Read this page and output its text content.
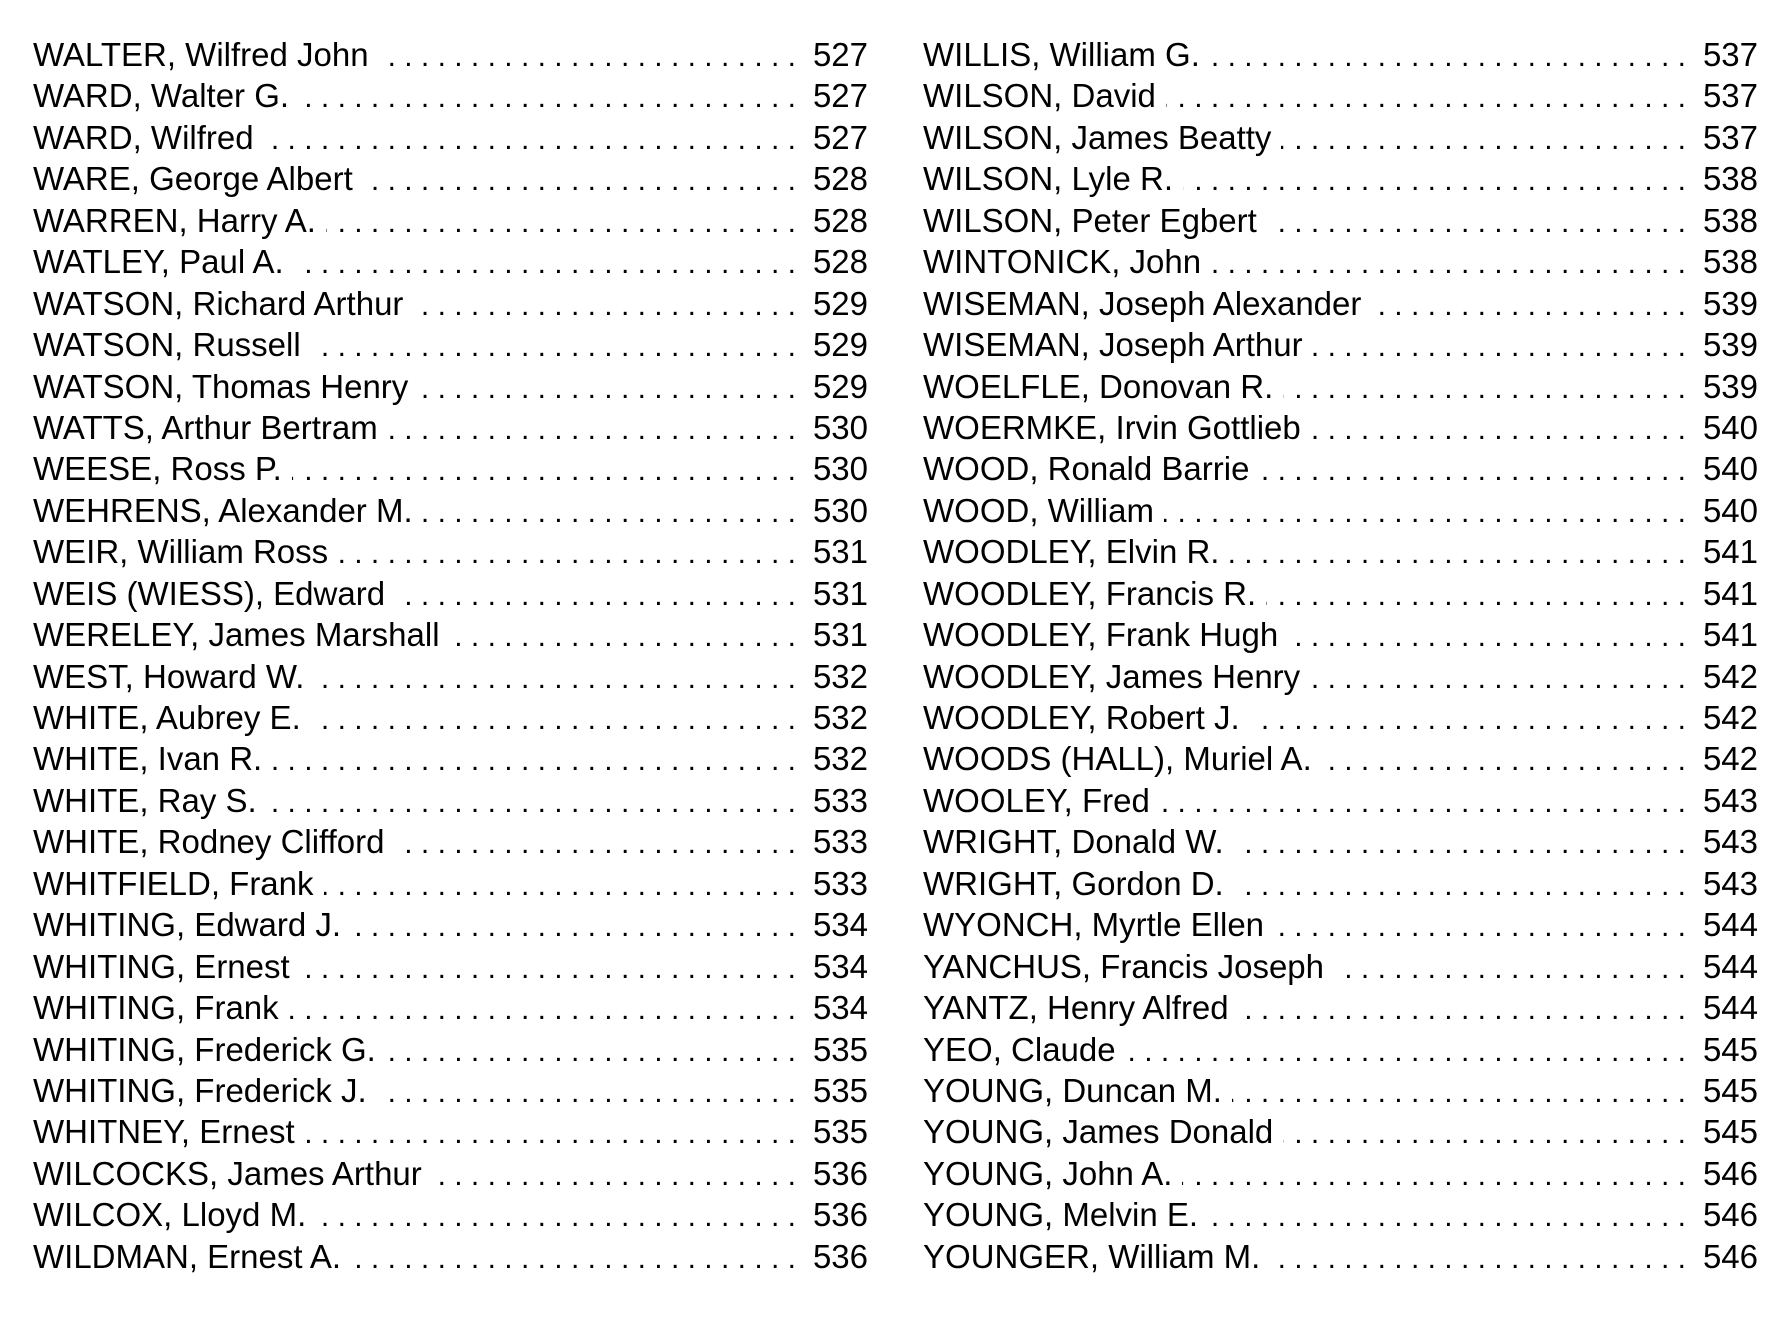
WALTER, Wilfred John . . .	527
WARD, Walter G. . . .	527
WARD, Wilfred . . .	527
WARE, George Albert . . .	528
WARREN, Harry A. . . .	528
WATLEY, Paul A. . . .	528
WATSON, Richard Arthur . . .	529
WATSON, Russell . . .	529
WATSON, Thomas Henry . . .	529
WATTS, Arthur Bertram . . .	530
WEESE, Ross P. . . .	530
WEHRENS, Alexander M. . . .	530
WEIR, William Ross . . .	531
WEIS (WIESS), Edward . . .	531
WERELEY, James Marshall . . .	531
WEST, Howard W. . . .	532
WHITE, Aubrey E. . . .	532
WHITE, Ivan R. . . .	532
WHITE, Ray S. . . .	533
WHITE, Rodney Clifford . . .	533
WHITFIELD, Frank . . .	533
WHITING, Edward J. . . .	534
WHITING, Ernest . . .	534
WHITING, Frank . . .	534
WHITING, Frederick G. . . .	535
WHITING, Frederick J. . . .	535
WHITNEY, Ernest . . .	535
WILCOCKS, James Arthur . . .	536
WILCOX, Lloyd M. . . .	536
WILDMAN, Ernest A. . . .	536
WILLIS, William G. . . .	537
WILSON, David . . .	537
WILSON, James Beatty . . .	537
WILSON, Lyle R. . . .	538
WILSON, Peter Egbert . . .	538
WINTONICK, John . . .	538
WISEMAN, Joseph Alexander . . .	539
WISEMAN, Joseph Arthur . . .	539
WOELFLE, Donovan R. . . .	539
WOERMKE, Irvin Gottlieb . . .	540
WOOD, Ronald Barrie . . .	540
WOOD, William . . .	540
WOODLEY, Elvin R. . . .	541
WOODLEY, Francis R. . . .	541
WOODLEY, Frank Hugh . . .	541
WOODLEY, James Henry . . .	542
WOODLEY, Robert J. . . .	542
WOODS (HALL), Muriel A. . . .	542
WOOLEY, Fred . . .	543
WRIGHT, Donald W. . . .	543
WRIGHT, Gordon D. . . .	543
WYONCH, Myrtle Ellen . . .	544
YANCHUS, Francis Joseph . . .	544
YANTZ, Henry Alfred . . .	544
YEO, Claude . . .	545
YOUNG, Duncan M. . . .	545
YOUNG, James Donald . . .	545
YOUNG, John A. . . .	546
YOUNG, Melvin E. . . .	546
YOUNGER, William M. . . .	546
